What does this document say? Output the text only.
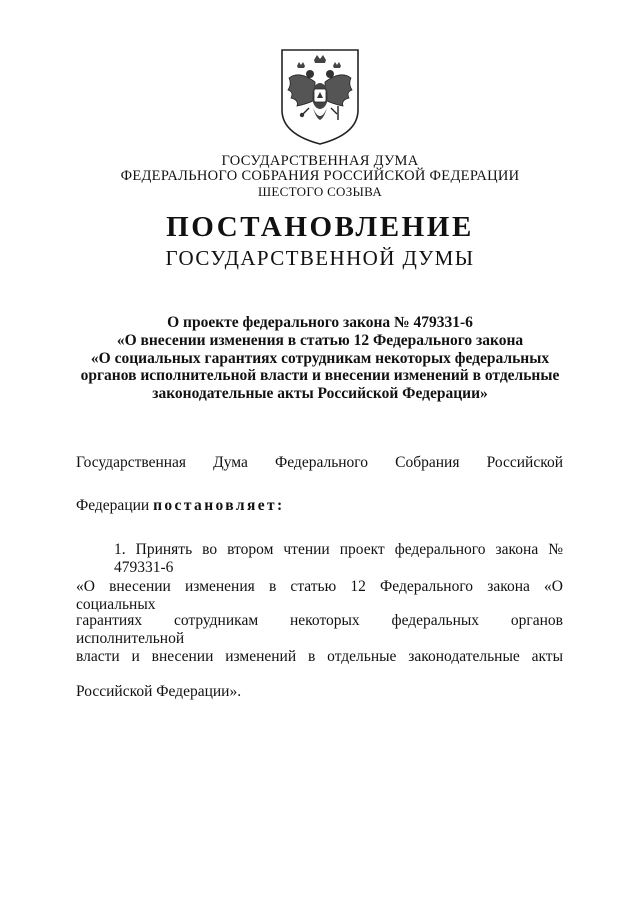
ГОСУДАРСТВЕННАЯ ДУМА
ФЕДЕРАЛЬНОГО СОБРАНИЯ РОССИЙСКОЙ ФЕДЕРАЦИИ
ШЕСТОГО СОЗЫВА
ПОСТАНОВЛЕНИЕ
ГОСУДАРСТВЕННОЙ ДУМЫ
О проекте федерального закона № 479331-6
«О внесении изменения в статью 12 Федерального закона
«О социальных гарантиях сотрудникам некоторых федеральных
органов исполнительной власти и внесении изменений в отдельные
законодательные акты Российской Федерации»
Государственная Дума Федерального Собрания Российской
Федерации постановляет:
1. Принять во втором чтении проект федерального закона № 479331-6
«О внесении изменения в статью 12 Федерального закона «О социальных
гарантиях сотрудникам некоторых федеральных органов исполнительной
власти и внесении изменений в отдельные законодательные акты
Российской Федерации».
